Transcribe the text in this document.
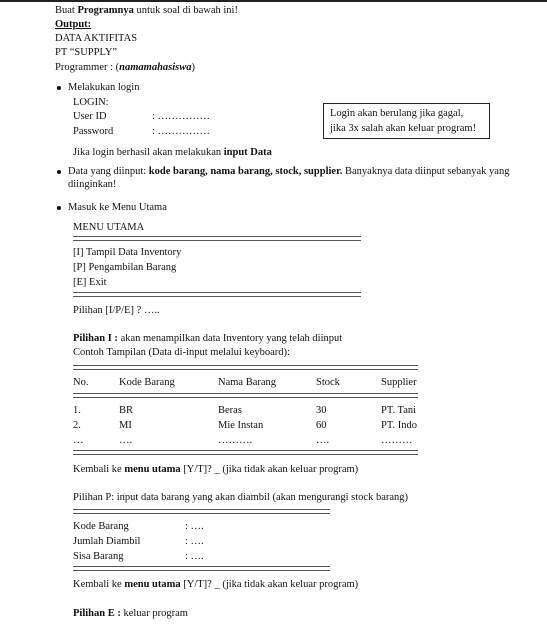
Buat Programnya untuk soal di bawah ini!
Output:
DATA AKTIFITAS
PT “SUPPLY”
Programmer : (namamahasiswa)
Melakukan login
LOGIN:
User ID	: ……………
Password	: ……………
Login akan berulang jika gagal,
jika 3x salah akan keluar program!
Jika login berhasil akan melakukan input Data
Data yang diinput: kode barang, nama barang, stock, supplier. Banyaknya data diinput sebanyak yang diinginkan!
Masuk ke Menu Utama
MENU UTAMA
[I] Tampil Data Inventory
[P] Pengambilan Barang
[E] Exit
Pilihan [I/P/E] ? …..
Pilihan I : akan menampilkan data Inventory yang telah diinput
Contoh Tampilan (Data di-input melalui keyboard):
No.	Kode Barang	Nama Barang	Stock	Supplier
1.	BR	Beras	30	PT. Tani
2.	MI	Mie Instan	60	PT. Indo
…	….	……….	….	………
Kembali ke menu utama [Y/T]? _ (jika tidak akan keluar program)
Pilihan P: input data barang yang akan diambil (akan mengurangi stock barang)
Kode Barang	: ….
Jumlah Diambil	: ….
Sisa Barang	: ….
Kembali ke menu utama [Y/T]? _ (jika tidak akan keluar program)
Pilihan E : keluar program
